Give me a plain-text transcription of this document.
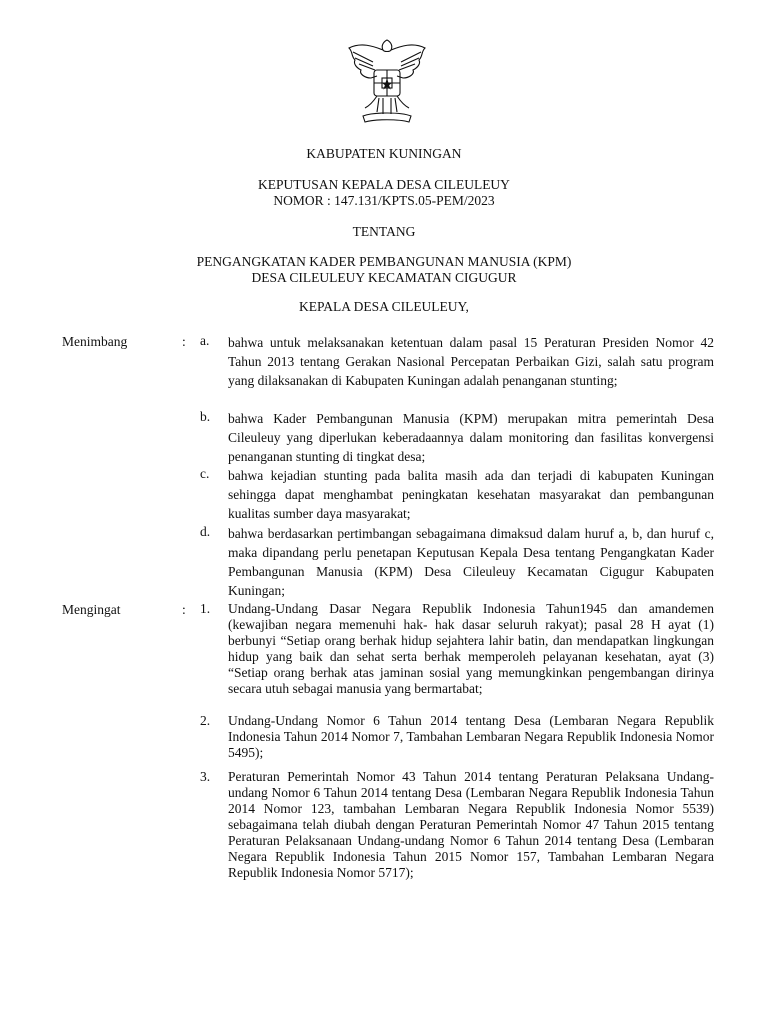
KABUPATEN KUNINGAN
KEPUTUSAN KEPALA DESA CILEULEUY
NOMOR : 147.131/KPTS.05-PEM/2023
TENTANG
PENGANGKATAN KADER PEMBANGUNAN MANUSIA (KPM)
DESA CILEULEUY KECAMATAN CIGUGUR
KEPALA DESA CILEULEUY,
Menimbang	: a. bahwa untuk melaksanakan ketentuan dalam pasal 15 Peraturan Presiden Nomor 42 Tahun 2013 tentang Gerakan Nasional Percepatan Perbaikan Gizi, salah satu program yang dilaksanakan di Kabupaten Kuningan adalah penanganan stunting;
b. bahwa Kader Pembangunan Manusia (KPM) merupakan mitra pemerintah Desa Cileuleuy yang diperlukan keberadaannya dalam monitoring dan fasilitas konvergensi penanganan stunting di tingkat desa;
c. bahwa kejadian stunting pada balita masih ada dan terjadi di kabupaten Kuningan sehingga dapat menghambat peningkatan kesehatan masyarakat dan pembangunan kualitas sumber daya masyarakat;
d. bahwa berdasarkan pertimbangan sebagaimana dimaksud dalam huruf a, b, dan huruf c, maka dipandang perlu penetapan Keputusan Kepala Desa tentang Pengangkatan Kader Pembangunan Manusia (KPM) Desa Cileuleuy Kecamatan Cigugur Kabupaten Kuningan;
Mengingat	: 1. Undang-Undang Dasar Negara Republik Indonesia Tahun1945 dan amandemen (kewajiban negara memenuhi hak- hak dasar seluruh rakyat); pasal 28 H ayat (1) berbunyi “Setiap orang berhak hidup sejahtera lahir batin, dan mendapatkan lingkungan hidup yang baik dan sehat serta berhak memperoleh pelayanan kesehatan, ayat (3) “Setiap orang berhak atas jaminan sosial yang memungkinkan pengembangan dirinya secara utuh sebagai manusia yang bermartabat;
2. Undang-Undang Nomor 6 Tahun 2014 tentang Desa (Lembaran Negara Republik Indonesia Tahun 2014 Nomor 7, Tambahan Lembaran Negara Republik Indonesia Nomor 5495);
3. Peraturan Pemerintah Nomor 43 Tahun 2014 tentang Peraturan Pelaksana Undang-undang Nomor 6 Tahun 2014 tentang Desa (Lembaran Negara Republik Indonesia Tahun 2014 Nomor 123, tambahan Lembaran Negara Republik Indonesia Nomor 5539) sebagaimana telah diubah dengan Peraturan Pemerintah Nomor 47 Tahun 2015 tentang Peraturan Pelaksanaan Undang-undang Nomor 6 Tahun 2014 tentang Desa (Lembaran Negara Republik Indonesia Tahun 2015 Nomor 157, Tambahan Lembaran Negara Republik Indonesia Nomor 5717);
